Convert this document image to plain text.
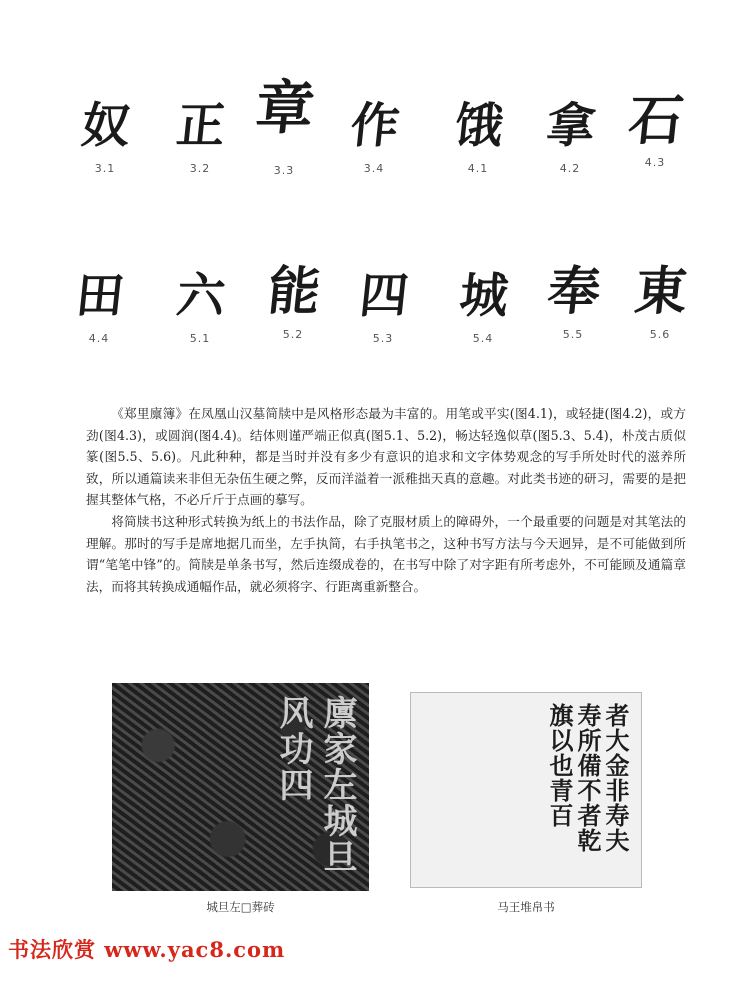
奴
3.1
正
3.2
章
3.3
作
3.4
饿
4.1
拿
4.2
石
4.3
田
4.4
六
5.1
能
5.2
四
5.3
城
5.4
奉
5.5
東
5.6

《郑里廪簿》在凤凰山汉墓简牍中是风格形态最为丰富的。用笔或平实(图4.1)，或轻捷(图4.2)，或方劲(图4.3)，或圆润(图4.4)。结体则谨严端正似真(图5.1、5.2)，畅达轻逸似草(图5.3、5.4)，朴茂古质似篆(图5.5、5.6)。凡此种种，都是当时并没有多少有意识的追求和文字体势观念的写手所处时代的滋养所致，所以通篇读来非但无杂伍生硬之弊，反而洋溢着一派稚拙天真的意趣。对此类书迹的研习，需要的是把握其整体气格，不必斤斤于点画的摹写。

将简牍书这种形式转换为纸上的书法作品，除了克服材质上的障碍外，一个最重要的问题是对其笔法的理解。那时的写手是席地据几而坐，左手执简，右手执笔书之，这种书写方法与今天迥异，是不可能做到所谓“笔笔中锋”的。简牍是单条书写，然后连缀成卷的，在书写中除了对字距有所考虑外，不可能顾及通篇章法，而将其转换成通幅作品，就必须将字、行距离重新整合。

廪家左城旦风功四
城旦左□葬砖
者大金非寿夫寿所備不者乾旗以也青百
马王堆帛书
书法欣赏 www.yac8.com
